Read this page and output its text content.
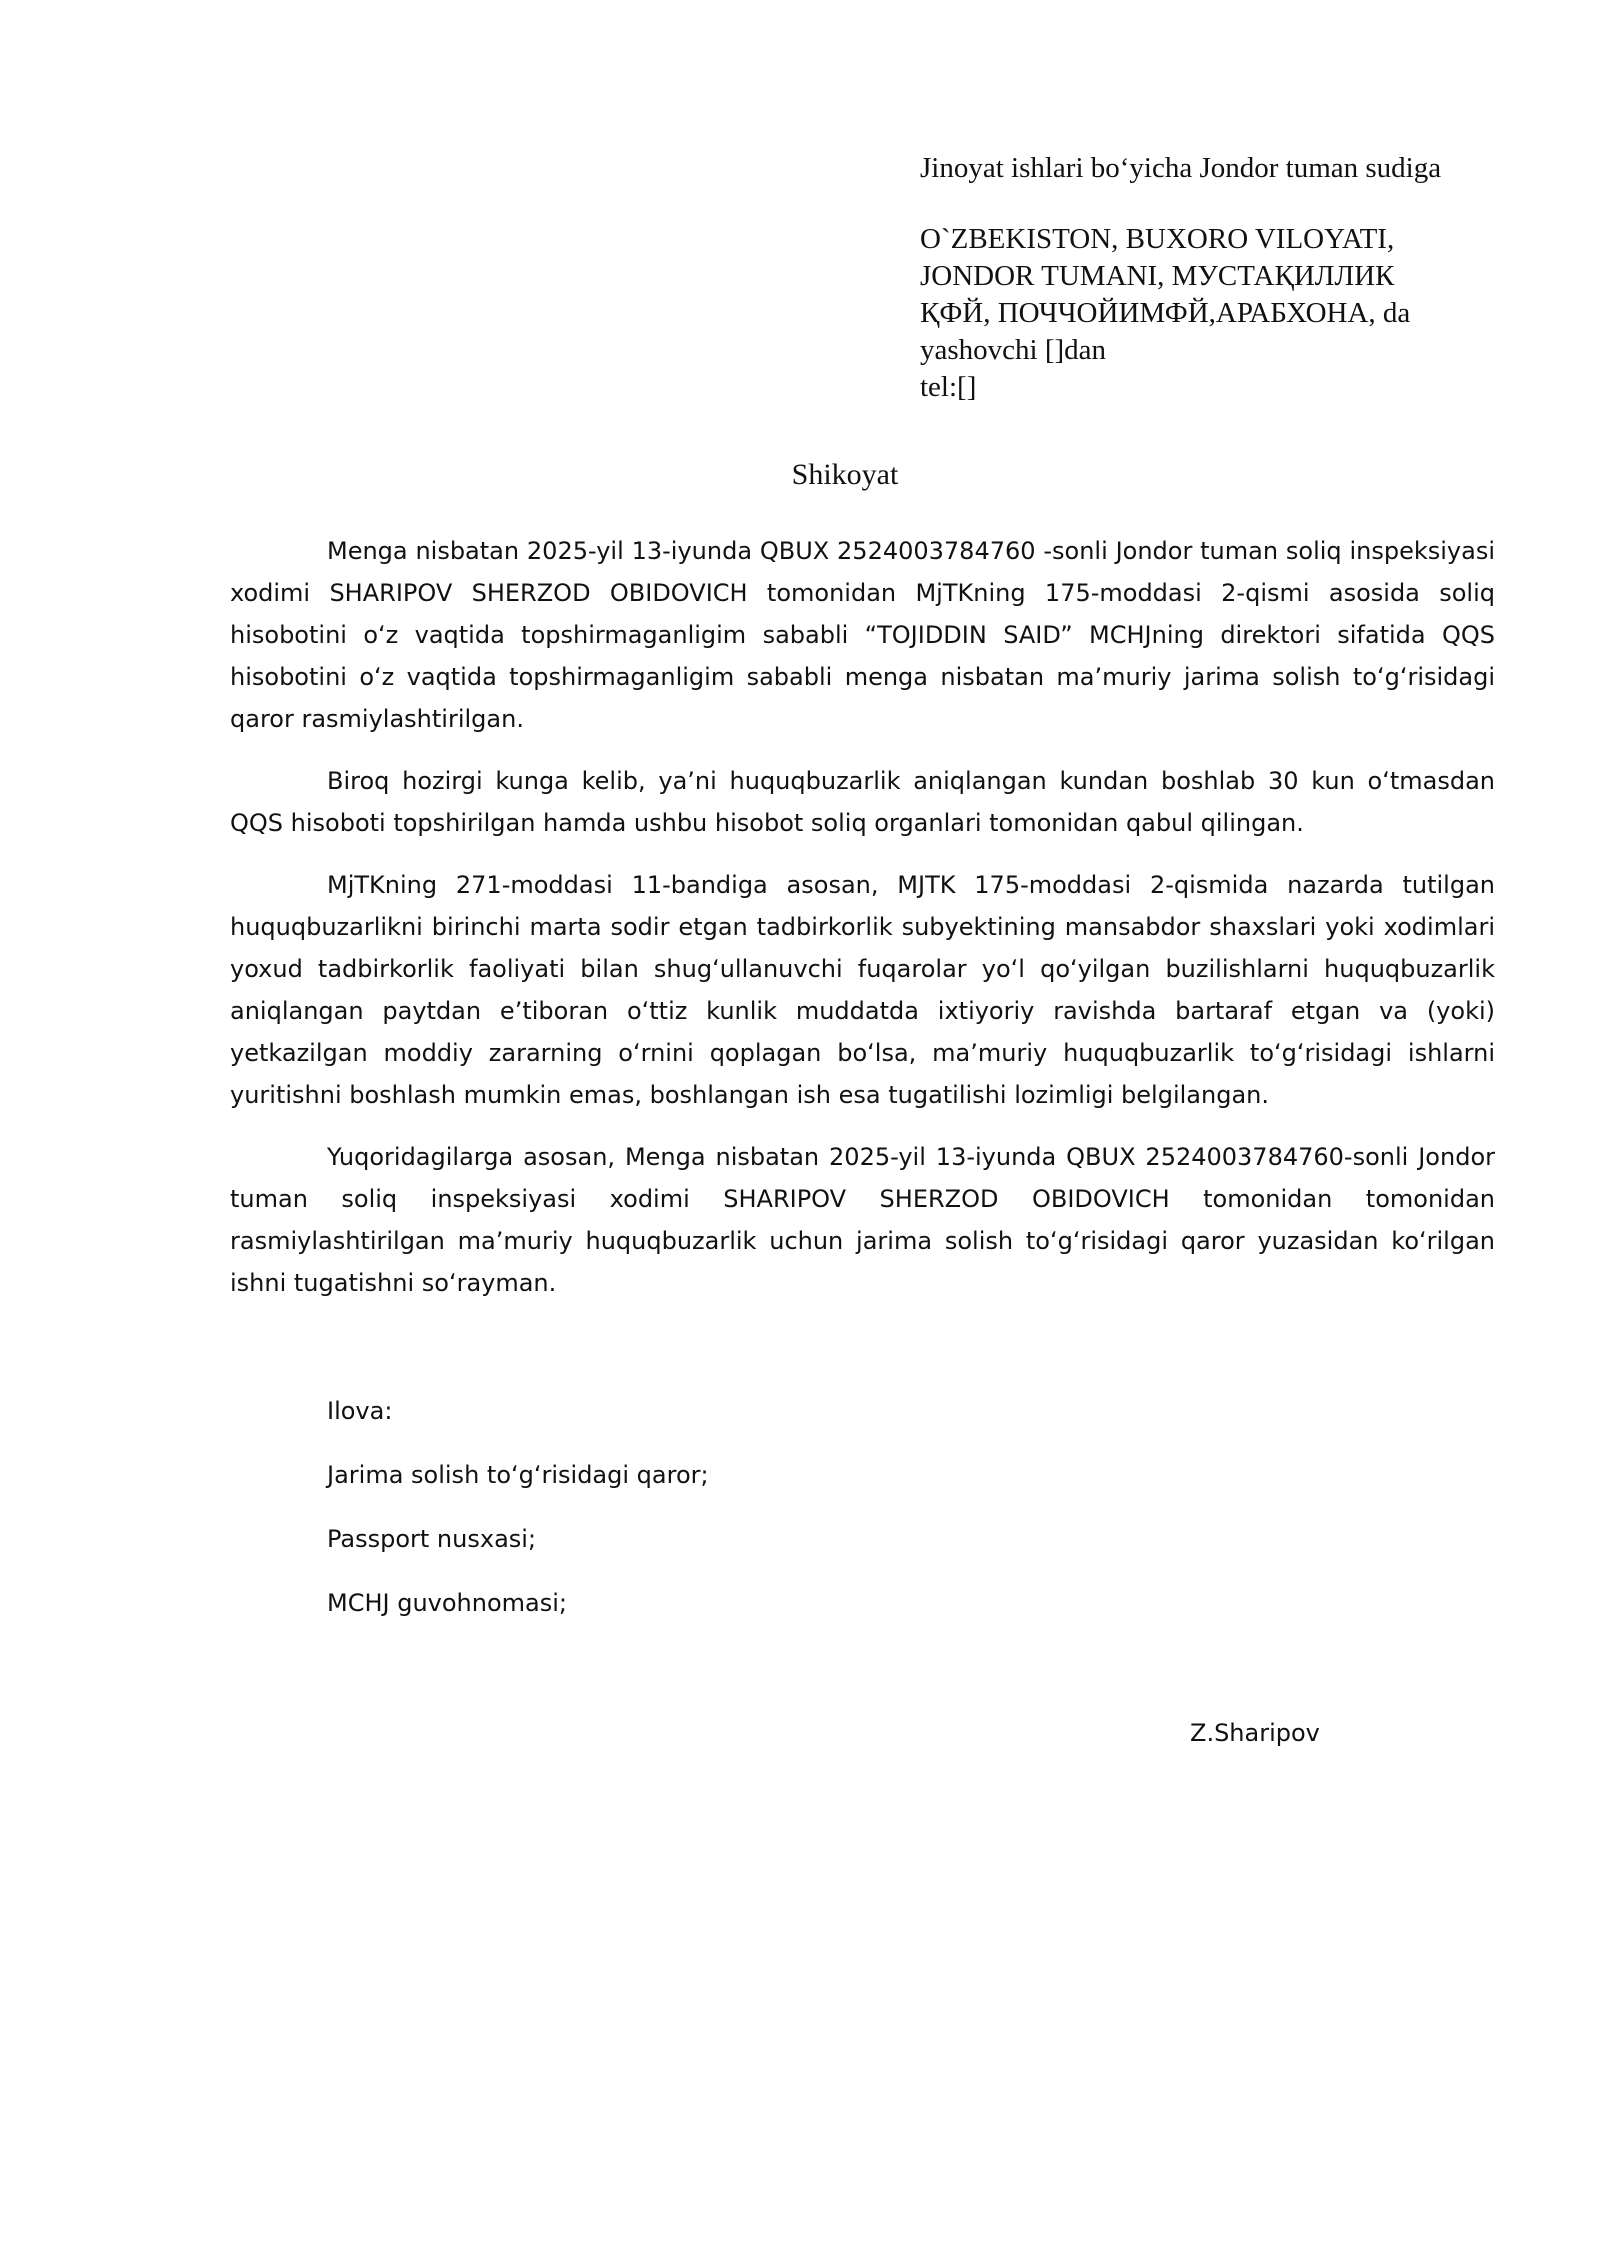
Jinoyat ishlari boʻyicha Jondor tuman sudiga

O`ZBEKISTON, BUXORO VILOYATI,
JONDOR TUMANI, МУСТАҚИЛЛИК
ҚФЙ, ПОЧЧОЙИМФЙ,АРАБХОНА, da
yashovchi []dan
tel:[]

Shikoyat

Menga nisbatan 2025-yil 13-iyunda QBUX 2524003784760 -sonli Jondor tuman soliq inspeksiyasi xodimi SHARIPOV SHERZOD OBIDOVICH tomonidan MjTKning 175-moddasi 2-qismi asosida soliq hisobotini oʻz vaqtida topshirmaganligim sababli “TOJIDDIN SAID” MCHJning direktori sifatida QQS hisobotini oʻz vaqtida topshirmaganligim sababli menga nisbatan maʼmuriy jarima solish toʻgʻrisidagi qaror rasmiylashtirilgan.

Biroq hozirgi kunga kelib, yaʼni huquqbuzarlik aniqlangan kundan boshlab 30 kun oʻtmasdan QQS hisoboti topshirilgan hamda ushbu hisobot soliq organlari tomonidan qabul qilingan.

MjTKning 271-moddasi 11-bandiga asosan, MJTK 175-moddasi 2-qismida nazarda tutilgan huquqbuzarlikni birinchi marta sodir etgan tadbirkorlik subyektining mansabdor shaxslari yoki xodimlari yoxud tadbirkorlik faoliyati bilan shugʻullanuvchi fuqarolar yoʻl qoʻyilgan buzilishlarni huquqbuzarlik aniqlangan paytdan eʼtiboran oʻttiz kunlik muddatda ixtiyoriy ravishda bartaraf etgan va (yoki) yetkazilgan moddiy zararning oʻrnini qoplagan boʻlsa, maʼmuriy huquqbuzarlik toʻgʻrisidagi ishlarni yuritishni boshlash mumkin emas, boshlangan ish esa tugatilishi lozimligi belgilangan.

Yuqoridagilarga asosan, Menga nisbatan 2025-yil 13-iyunda QBUX 2524003784760-sonli Jondor tuman soliq inspeksiyasi xodimi SHARIPOV SHERZOD OBIDOVICH tomonidan tomonidan rasmiylashtirilgan maʼmuriy huquqbuzarlik uchun jarima solish toʻgʻrisidagi qaror yuzasidan koʻrilgan ishni tugatishni soʻrayman.

Ilova:
Jarima solish toʻgʻrisidagi qaror;
Passport nusxasi;
MCHJ guvohnomasi;
Z.Sharipov
